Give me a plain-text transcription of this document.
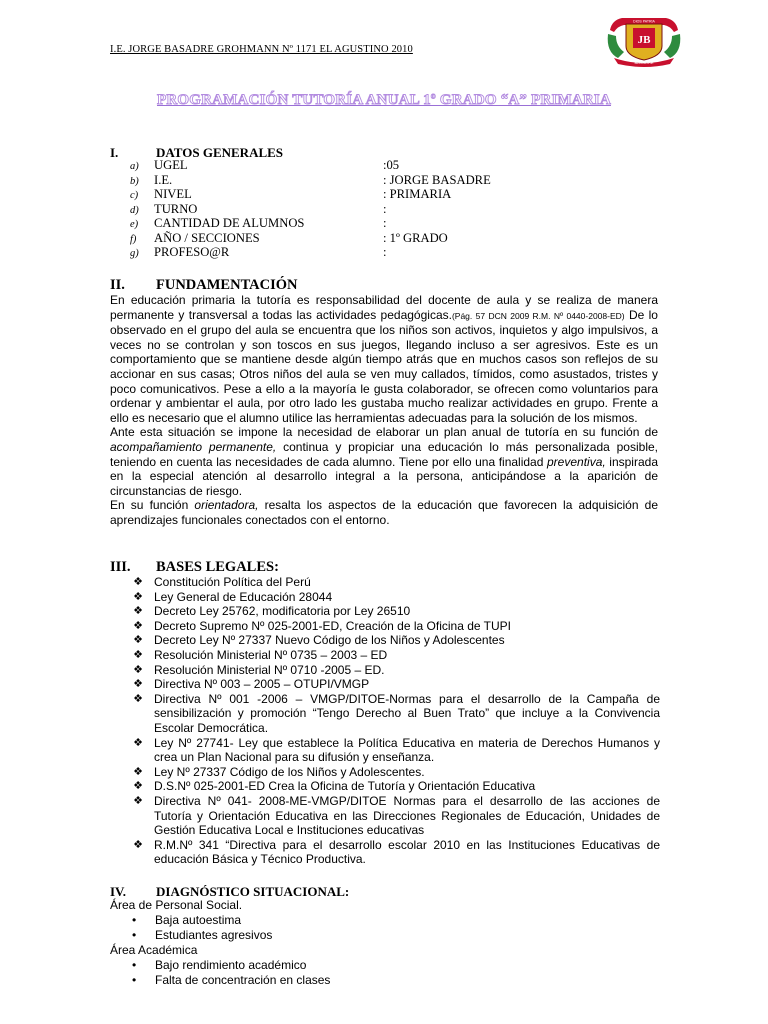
I.E. JORGE BASADRE GROHMANN Nº 1171 EL AGUSTINO 2010
JB
BASADRE
DIOS PATRIA
PROGRAMACIÓN TUTORÍA ANUAL 1º GRADO “A” PRIMARIA
I.	DATOS GENERALES
a) UGEL	:05
b) I.E.	: JORGE BASADRE
c) NIVEL	: PRIMARIA
d) TURNO	:
e) CANTIDAD DE ALUMNOS	:
f) AÑO / SECCIONES	: 1º GRADO
g) PROFESO@R	:
II. FUNDAMENTACIÓN

En educación primaria la tutoría es responsabilidad del docente de aula y se realiza de manera permanente y transversal a todas las actividades pedagógicas.(Pág. 57 DCN 2009 R.M. Nº 0440-2008-ED) De lo observado en el grupo del aula se encuentra que los niños son activos, inquietos y algo impulsivos, a veces no se controlan y son toscos en sus juegos, llegando incluso a ser agresivos. Este es un comportamiento que se mantiene desde algún tiempo atrás que en muchos casos son reflejos de su accionar en sus casas; Otros niños del aula se ven muy callados, tímidos, como asustados, tristes y poco comunicativos. Pese a ello a la mayoría le gusta colaborador, se ofrecen como voluntarios para ordenar y ambientar el aula, por otro lado les gustaba mucho realizar actividades en grupo. Frente a ello es necesario que el alumno utilice las herramientas adecuadas para la solución de los mismos.

Ante esta situación se impone la necesidad de elaborar un plan anual de tutoría en su función de acompañamiento permanente, continua y propiciar una educación lo más personalizada posible, teniendo en cuenta las necesidades de cada alumno. Tiene por ello una finalidad preventiva, inspirada en la especial atención al desarrollo integral a la persona, anticipándose a la aparición de circunstancias de riesgo.

En su función orientadora, resalta los aspectos de la educación que favorecen la adquisición de aprendizajes funcionales conectados con el entorno.

III. BASES LEGALES:
❖ Constitución Política del Perú
❖ Ley General de Educación 28044
❖ Decreto Ley 25762, modificatoria por Ley 26510
❖ Decreto Supremo Nº 025-2001-ED, Creación de la Oficina de TUPI
❖ Decreto Ley Nº 27337 Nuevo Código de los Niños y Adolescentes
❖ Resolución Ministerial Nº 0735 – 2003 – ED
❖ Resolución Ministerial Nº 0710 -2005 – ED.
❖ Directiva Nº 003 – 2005 – OTUPI/VMGP
❖ Directiva Nº 001 -2006 – VMGP/DITOE-Normas para el desarrollo de la Campaña de sensibilización y promoción “Tengo Derecho al Buen Trato” que incluye a la Convivencia Escolar Democrática.
❖ Ley Nº 27741- Ley que establece la Política Educativa en materia de Derechos Humanos y crea un Plan Nacional para su difusión y enseñanza.
❖ Ley Nº 27337 Código de los Niños y Adolescentes.
❖ D.S.Nº 025-2001-ED Crea la Oficina de Tutoría y Orientación Educativa
❖ Directiva Nº 041- 2008-ME-VMGP/DITOE Normas para el desarrollo de las acciones de Tutoría y Orientación Educativa en las Direcciones Regionales de Educación, Unidades de Gestión Educativa Local e Instituciones educativas
❖ R.M.Nº 341 “Directiva para el desarrollo escolar 2010 en las Instituciones Educativas de educación Básica y Técnico Productiva.
IV. DIAGNÓSTICO SITUACIONAL:
Área de Personal Social.
• Baja autoestima
• Estudiantes agresivos
Área Académica
• Bajo rendimiento académico
• Falta de concentración en clases
